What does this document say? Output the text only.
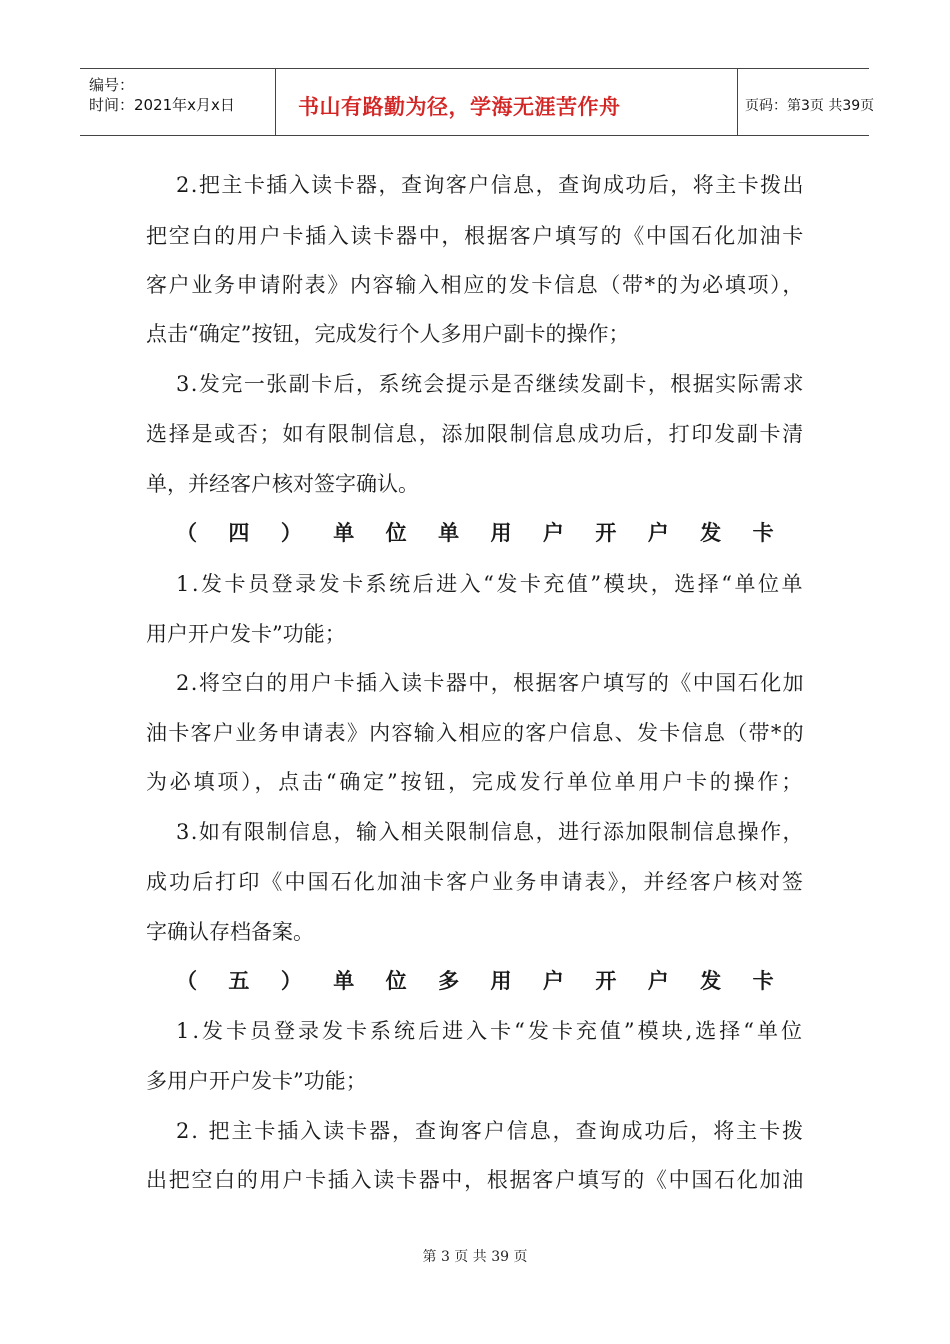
编号：
时间：2021年x月x日	书山有路勤为径，学海无涯苦作舟	页码：第3页 共39页
2.把主卡插入读卡器，查询客户信息，查询成功后，将主卡拨出
把空白的用户卡插入读卡器中，根据客户填写的《中国石化加油卡
客户业务申请附表》内容输入相应的发卡信息（带*的为必填项），
点击“确定”按钮，完成发行个人多用户副卡的操作；
3.发完一张副卡后，系统会提示是否继续发副卡，根据实际需求
选择是或否；如有限制信息，添加限制信息成功后，打印发副卡清
单，并经客户核对签字确认。
（四）单位单用户开户发卡
1.发卡员登录发卡系统后进入“发卡充值”模块，选择“单位单
用户开户发卡”功能；
2.将空白的用户卡插入读卡器中，根据客户填写的《中国石化加
油卡客户业务申请表》内容输入相应的客户信息、发卡信息（带*的
为必填项），点击“确定”按钮，完成发行单位单用户卡的操作；
3.如有限制信息，输入相关限制信息，进行添加限制信息操作，
成功后打印《中国石化加油卡客户业务申请表》，并经客户核对签
字确认存档备案。
（五）单位多用户开户发卡
1.发卡员登录发卡系统后进入卡“发卡充值”模块,选择“单位
多用户开户发卡”功能；
2. 把主卡插入读卡器，查询客户信息，查询成功后，将主卡拨
出把空白的用户卡插入读卡器中，根据客户填写的《中国石化加油
第 3 页 共 39 页
